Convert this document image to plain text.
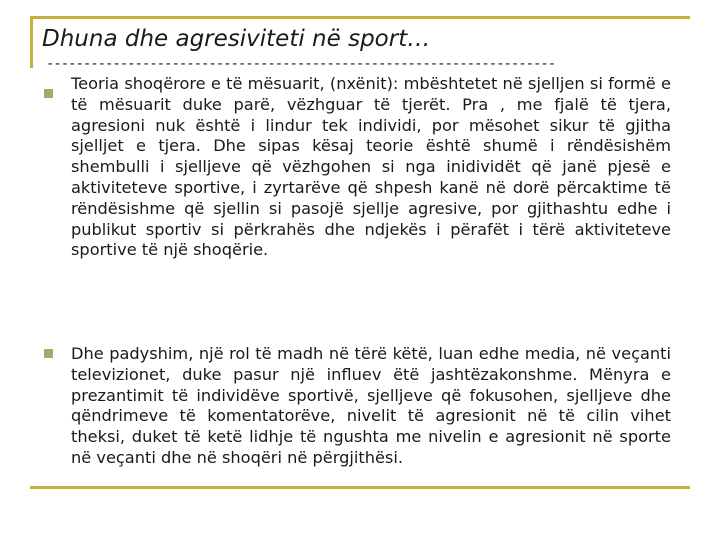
Dhuna dhe agresiviteti në sport…
---------------------------------------------------------------------
Teoria shoqërore e të mësuarit, (nxënit): mbështetet në sjelljen si formë e të mësuarit duke parë, vëzhguar të tjerët. Pra , me fjalë të tjera, agresioni nuk është i lindur tek individi, por mësohet sikur të gjitha sjelljet e tjera. Dhe sipas kësaj teorie është shumë i rëndësishëm shembulli i sjelljeve që vëzhgohen si nga inidividët që janë pjesë e aktiviteteve sportive, i zyrtarëve që shpesh kanë në dorë përcaktime të rëndësishme që sjellin si pasojë sjellje agresive, por gjithashtu edhe i publikut sportiv si përkrahës dhe ndjekës i përafët i tërë aktiviteteve sportive të një shoqërie.
Dhe padyshim, një rol të madh në tërë këtë, luan edhe media, në veçanti televizionet, duke pasur një influev ëtë jashtëzakonshme. Mënyra e prezantimit të individëve sportivë, sjelljeve që fokusohen, sjelljeve dhe qëndrimeve të komentatorëve, nivelit të agresionit në të cilin vihet theksi, duket të ketë lidhje të ngushta me nivelin e agresionit në sporte në veçanti dhe në shoqëri në përgjithësi.
